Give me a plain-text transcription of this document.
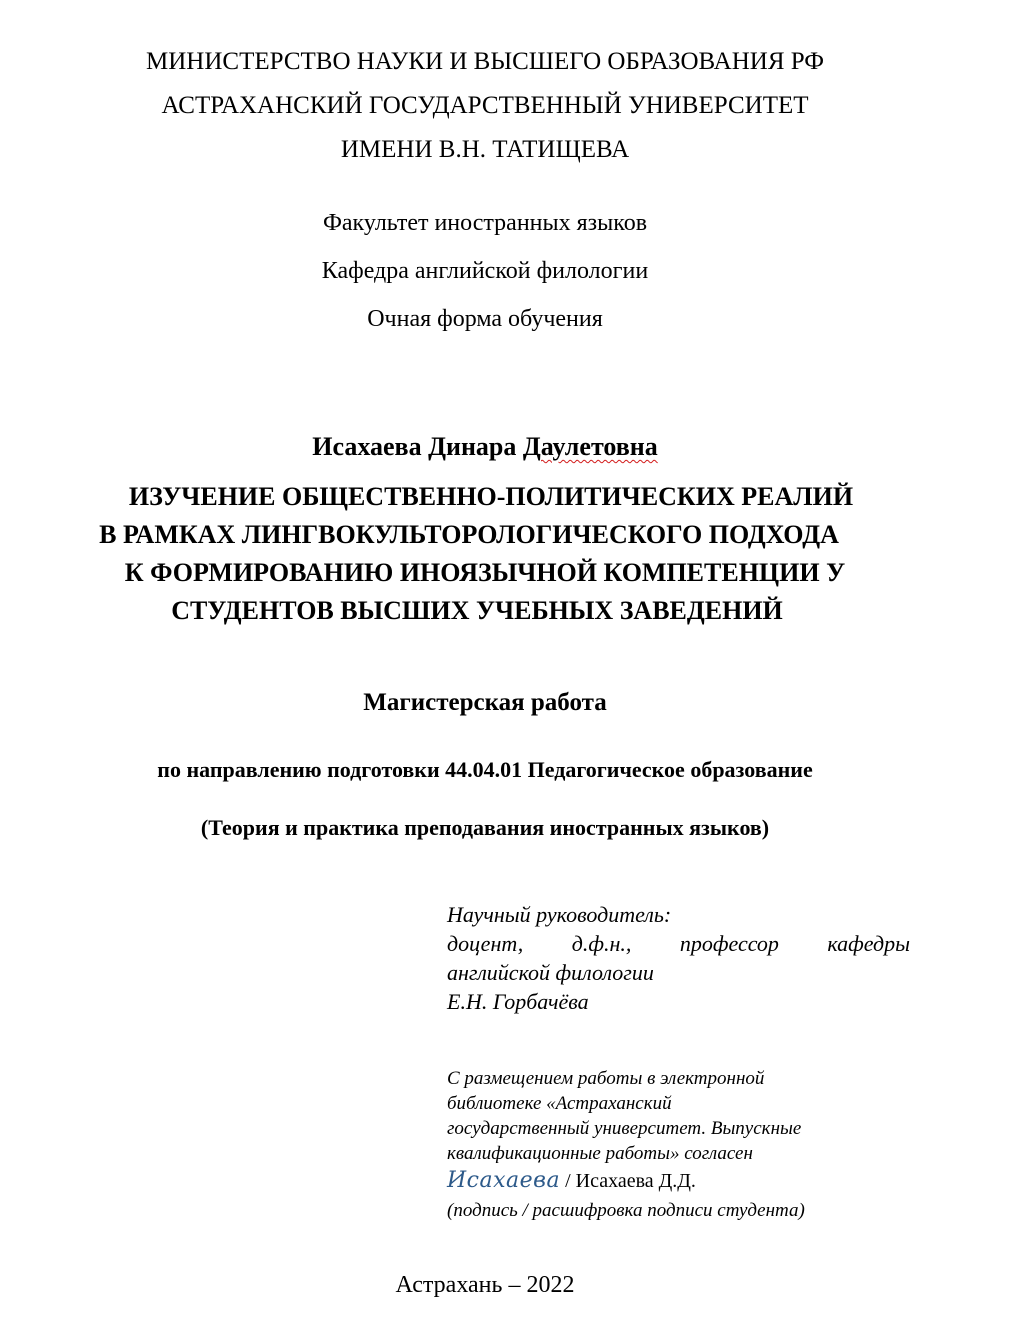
МИНИСТЕРСТВО НАУКИ И ВЫСШЕГО ОБРАЗОВАНИЯ РФ
АСТРАХАНСКИЙ ГОСУДАРСТВЕННЫЙ УНИВЕРСИТЕТ
ИМЕНИ В.Н. ТАТИЩЕВА
Факультет иностранных языков
Кафедра английской филологии
Очная форма обучения
Исахаева Динара Даулетовна
ИЗУЧЕНИЕ ОБЩЕСТВЕННО-ПОЛИТИЧЕСКИХ РЕАЛИЙ
В РАМКАХ ЛИНГВОКУЛЬТОРОЛОГИЧЕСКОГО ПОДХОДА
К ФОРМИРОВАНИЮ ИНОЯЗЫЧНОЙ КОМПЕТЕНЦИИ У
СТУДЕНТОВ ВЫСШИХ УЧЕБНЫХ ЗАВЕДЕНИЙ
Магистерская работа
по направлению подготовки 44.04.01 Педагогическое образование
(Теория и практика преподавания иностранных языков)
Научный руководитель:
доцент, д.ф.н., профессор кафедры
английской филологии
Е.Н. Горбачёва
С размещением работы в электронной
библиотеке «Астраханский
государственный университет. Выпускные
квалификационные работы» согласен
Исахаева / Исахаева Д.Д.
(подпись / расшифровка подписи студента)
Астрахань – 2022
